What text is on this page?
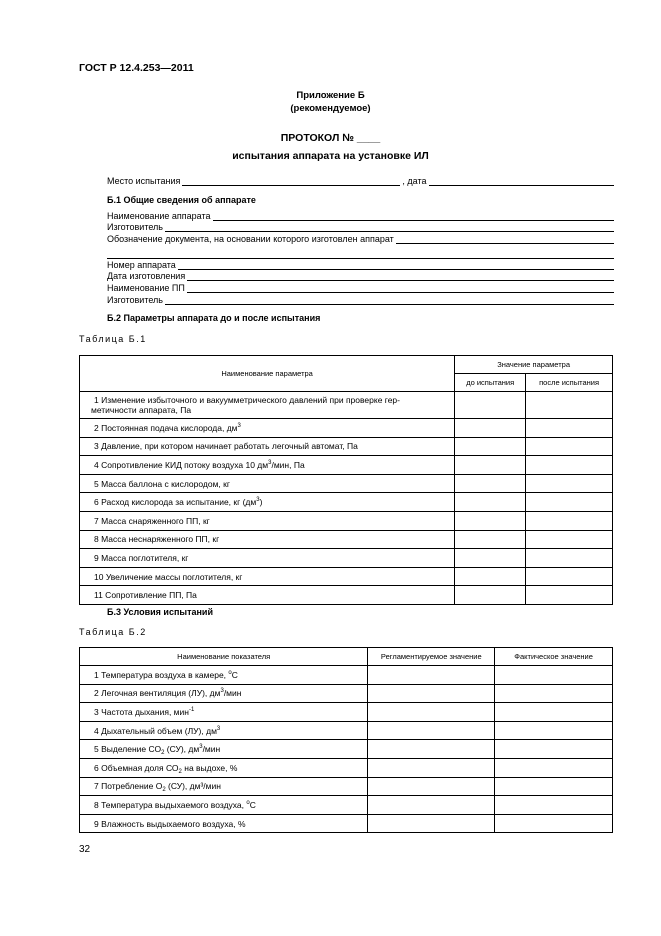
ГОСТ Р 12.4.253—2011
Приложение Б
(рекомендуемое)
ПРОТОКОЛ № ____
испытания аппарата на установке ИЛ
Место испытания	, дата
Б.1 Общие сведения об аппарате
Наименование аппарата
Изготовитель
Обозначение документа, на основании которого изготовлен аппарат
Номер аппарата
Дата изготовления
Наименование ПП
Изготовитель
Б.2 Параметры аппарата до и после испытания
Таблица Б.1
Наименование параметра	Значение параметра	
	до испытания	после испытания
1 Изменение избыточного и вакуумметрического давлений при проверке гер-
метичности аппарата, Па		
2 Постоянная подача кислорода, $дм^3$		
3 Давление, при котором начинает работать легочный автомат, Па		
4 Сопротивление КИД потоку воздуха 10 $дм^3$/мин, Па		
5 Масса баллона с кислородом, кг		
6 Расход кислорода за испытание, кг $(дм^3)$		
7 Масса снаряженного ПП, кг		
8 Масса неснаряженного ПП, кг		
9 Масса поглотителя, кг		
10 Увеличение массы поглотителя, кг		
11 Сопротивление ПП, Па		
Б.3 Условия испытаний
Таблица Б.2
Наименование показателя	Регламентируемое значение	Фактическое значение
1 Температура воздуха в камере, $^о$С		
2 Легочная вентиляция (ЛУ), $дм^3$/мин		
3 Частота дыхания, мин$^{-1}$		
4 Дыхательный объем (ЛУ), $дм^3$		
5 Выделение $СО_2$ (СУ), $дм^3$/мин		
6 Объемная доля $СО_2$ на выдохе, %		
7 Потребление $О_2$ (СУ), дм³/мин		
8 Температура выдыхаемого воздуха, $^о$С		
9 Влажность выдыхаемого воздуха, %		
32
